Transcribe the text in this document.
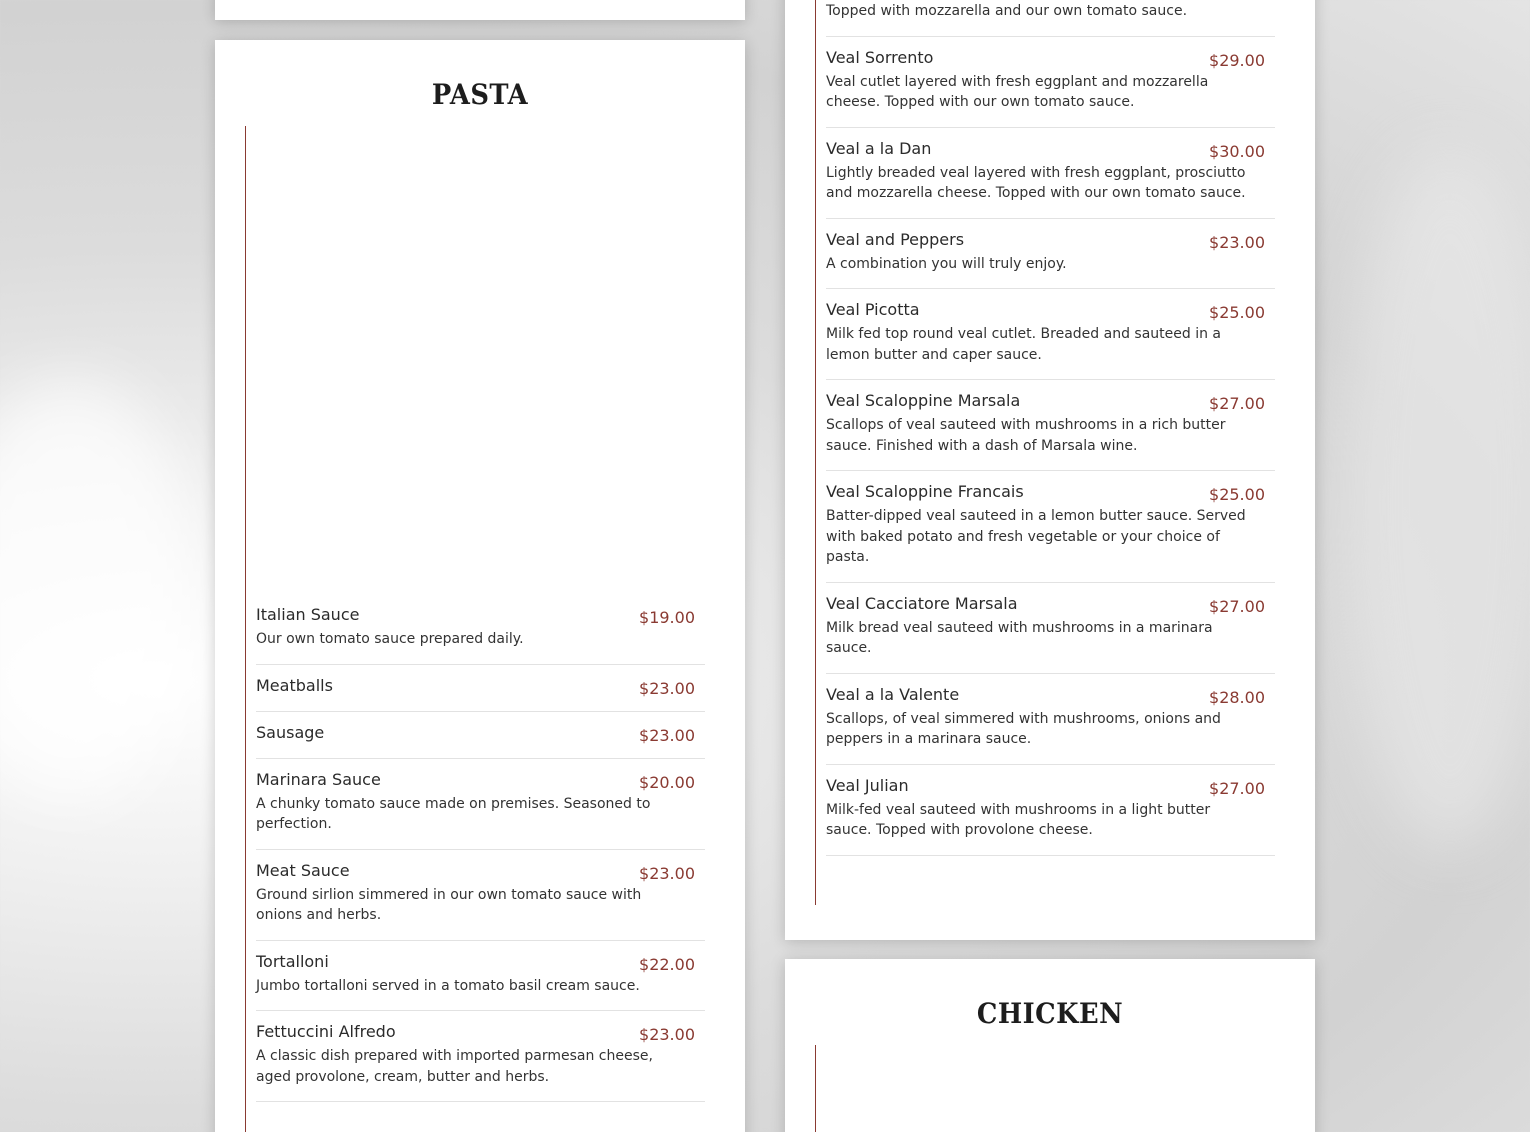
PASTA
Italian Sauce	$19.00
Our own tomato sauce prepared daily.
Meatballs	$23.00
Sausage	$23.00
Marinara Sauce	$20.00
A chunky tomato sauce made on premises. Seasoned to perfection.
Meat Sauce	$23.00
Ground sirlion simmered in our own tomato sauce with onions and herbs.
Tortalloni	$22.00
Jumbo tortalloni served in a tomato basil cream sauce.
Fettuccini Alfredo	$23.00
A classic dish prepared with imported parmesan cheese, aged provolone, cream, butter and herbs.
Topped with mozzarella and our own tomato sauce.
Veal Sorrento	$29.00
Veal cutlet layered with fresh eggplant and mozzarella cheese. Topped with our own tomato sauce.
Veal a la Dan	$30.00
Lightly breaded veal layered with fresh eggplant, prosciutto and mozzarella cheese. Topped with our own tomato sauce.
Veal and Peppers	$23.00
A combination you will truly enjoy.
Veal Picotta	$25.00
Milk fed top round veal cutlet. Breaded and sauteed in a lemon butter and caper sauce.
Veal Scaloppine Marsala	$27.00
Scallops of veal sauteed with mushrooms in a rich butter sauce. Finished with a dash of Marsala wine.
Veal Scaloppine Francais	$25.00
Batter-dipped veal sauteed in a lemon butter sauce. Served with baked potato and fresh vegetable or your choice of pasta.
Veal Cacciatore Marsala	$27.00
Milk bread veal sauteed with mushrooms in a marinara sauce.
Veal a la Valente	$28.00
Scallops, of veal simmered with mushrooms, onions and peppers in a marinara sauce.
Veal Julian	$27.00
Milk-fed veal sauteed with mushrooms in a light butter sauce. Topped with provolone cheese.
CHICKEN
